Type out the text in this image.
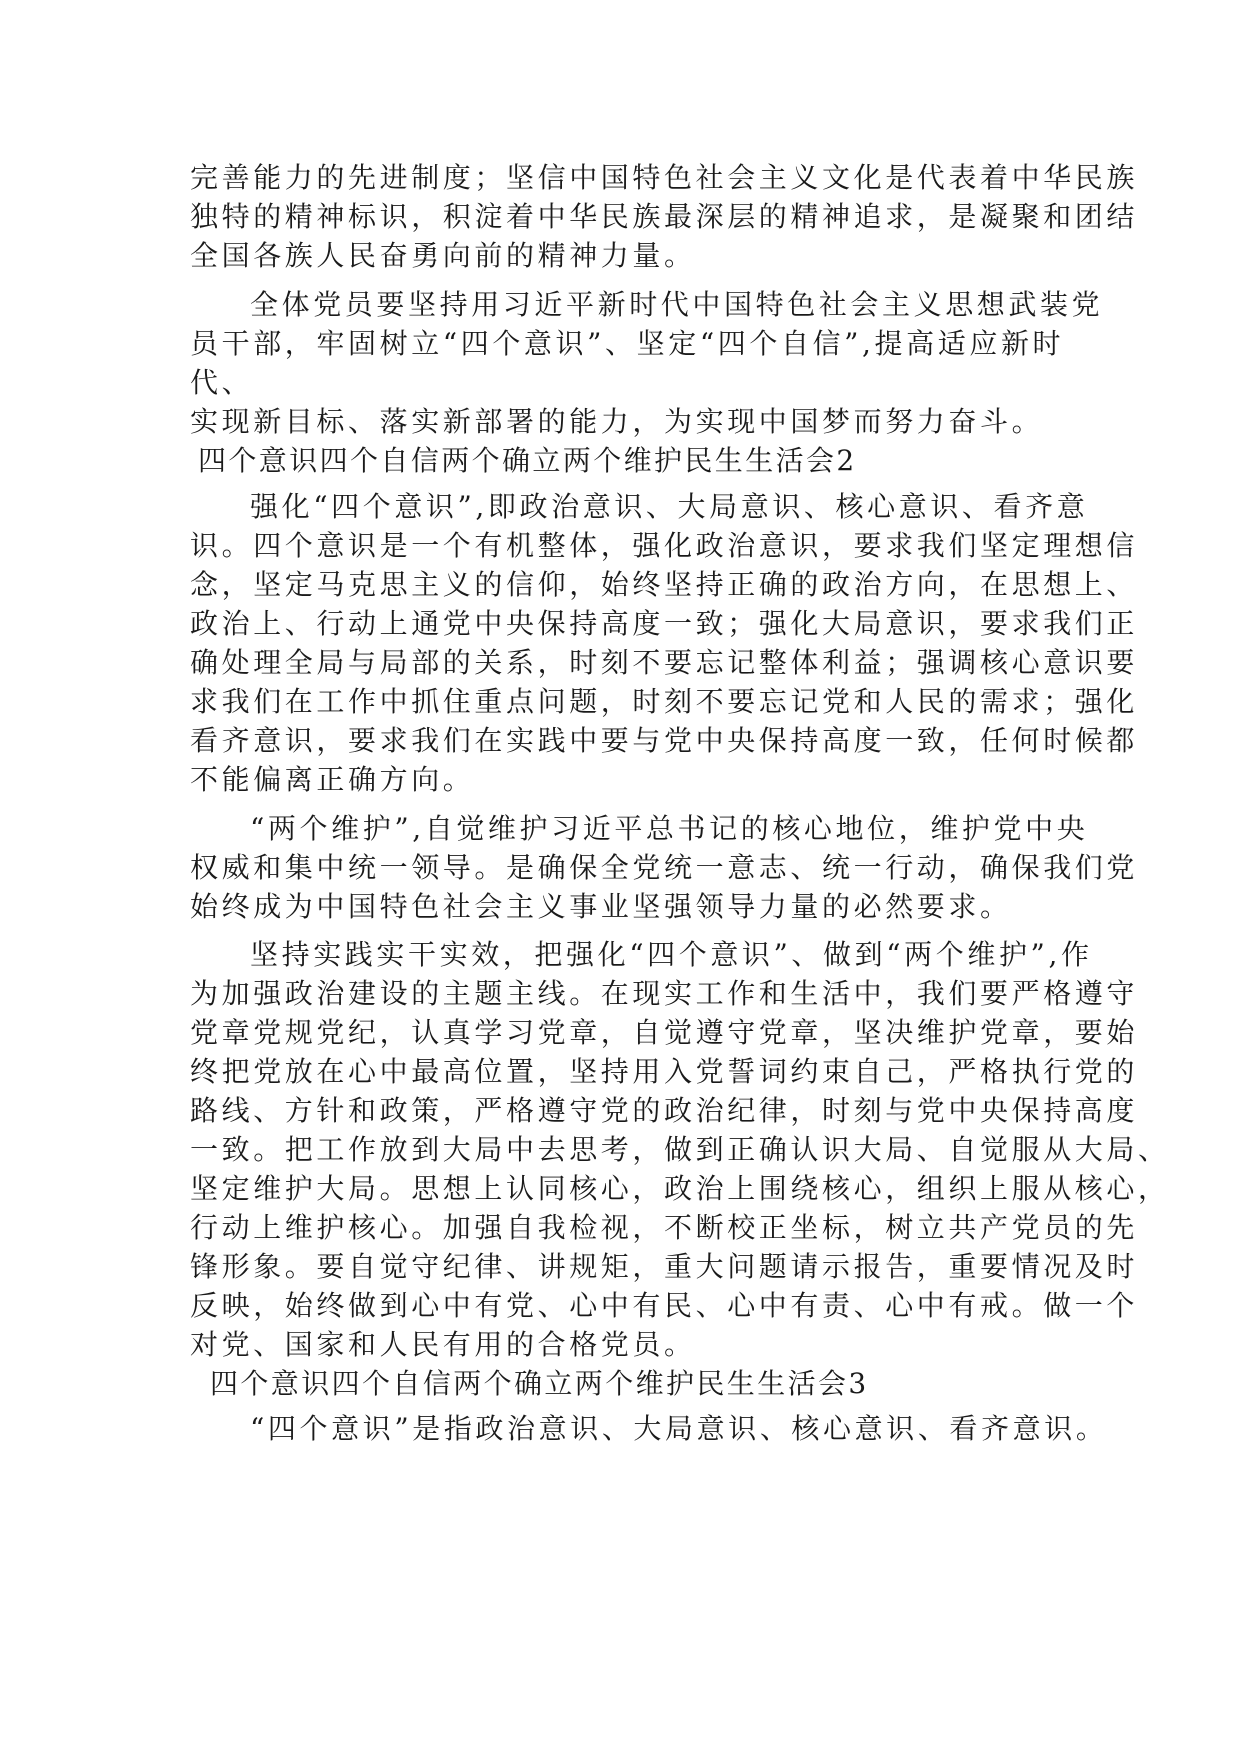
完善能力的先进制度；坚信中国特色社会主义文化是代表着中华民族
独特的精神标识，积淀着中华民族最深层的精神追求，是凝聚和团结
全国各族人民奋勇向前的精神力量。
全体党员要坚持用习近平新时代中国特色社会主义思想武装党
员干部，牢固树立“四个意识”、坚定“四个自信”,提高适应新时
代、
实现新目标、落实新部署的能力，为实现中国梦而努力奋斗。
四个意识四个自信两个确立两个维护民生生活会2
强化“四个意识”,即政治意识、大局意识、核心意识、看齐意
识。四个意识是一个有机整体，强化政治意识，要求我们坚定理想信
念，坚定马克思主义的信仰，始终坚持正确的政治方向，在思想上、
政治上、行动上通党中央保持高度一致；强化大局意识，要求我们正
确处理全局与局部的关系，时刻不要忘记整体利益；强调核心意识要
求我们在工作中抓住重点问题，时刻不要忘记党和人民的需求；强化
看齐意识，要求我们在实践中要与党中央保持高度一致，任何时候都
不能偏离正确方向。
“两个维护”,自觉维护习近平总书记的核心地位，维护党中央
权威和集中统一领导。是确保全党统一意志、统一行动，确保我们党
始终成为中国特色社会主义事业坚强领导力量的必然要求。
坚持实践实干实效，把强化“四个意识”、做到“两个维护”,作
为加强政治建设的主题主线。在现实工作和生活中，我们要严格遵守
党章党规党纪，认真学习党章，自觉遵守党章，坚决维护党章，要始
终把党放在心中最高位置，坚持用入党誓词约束自己，严格执行党的
路线、方针和政策，严格遵守党的政治纪律，时刻与党中央保持高度
一致。把工作放到大局中去思考，做到正确认识大局、自觉服从大局、
坚定维护大局。思想上认同核心，政治上围绕核心，组织上服从核心，
行动上维护核心。加强自我检视，不断校正坐标，树立共产党员的先
锋形象。要自觉守纪律、讲规矩，重大问题请示报告，重要情况及时
反映，始终做到心中有党、心中有民、心中有责、心中有戒。做一个
对党、国家和人民有用的合格党员。
四个意识四个自信两个确立两个维护民生生活会3
“四个意识”是指政治意识、大局意识、核心意识、看齐意识。
